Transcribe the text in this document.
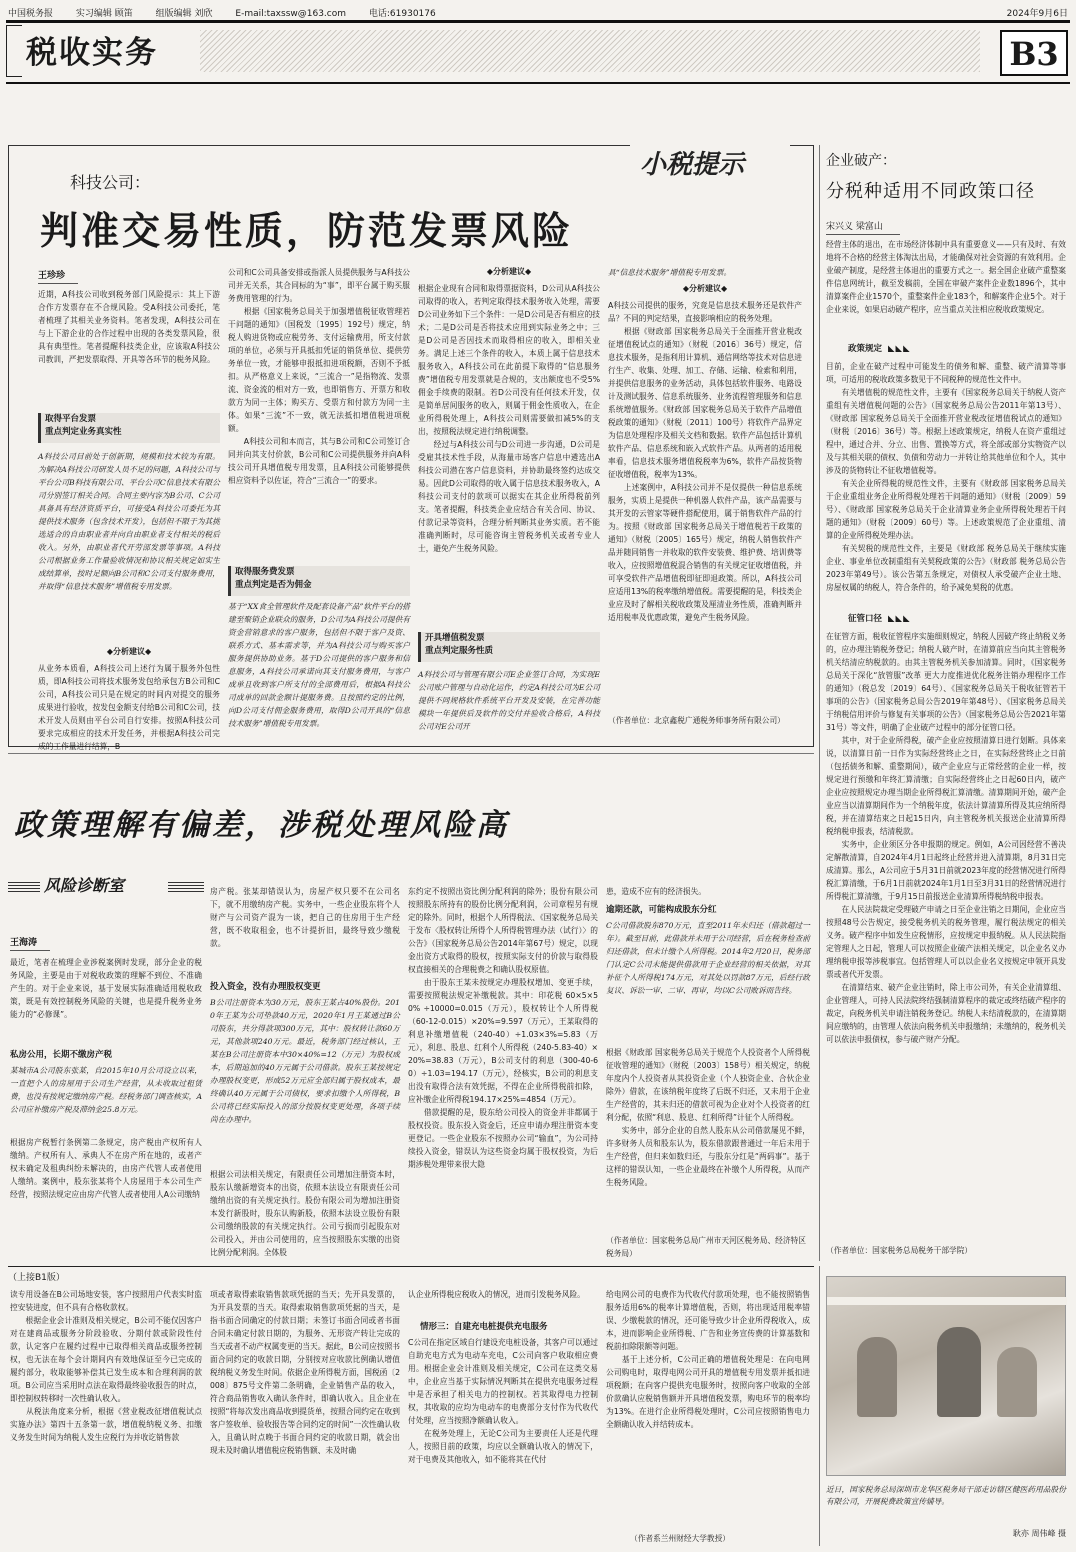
中国税务报	实习编辑 顾笛	组版编辑 刘欣	E-mail:taxssw@163.com	电话:61930176	2024年9月6日
税收实务	B3
小税提示
科技公司：
判准交易性质，防范发票风险
王珍珍
近期，A科技公司收到税务部门风险提示：其上下游合作方发票存在不合规风险。受A科技公司委托，笔者梳理了其相关业务资料。笔者发现，A科技公司在与上下游企业的合作过程中出现的各类发票风险，很具有典型性。笔者提醒科技类企业，应该取A科技公司教训，严把发票取得、开具等各环节的税务风险。
取得平台发票
重点判定业务真实性
A科技公司目前处于创新期，规模和技术较为有限。为解决A科技公司研发人员不足的问题，A科技公司与平台公司B科技有限公司、平台公司C信息技术有限公司分别签订相关合同。合同主要内容为B公司、C公司具备具有经济资质平台，可接受A科技公司委托为其提供技术服务（包含技术开发），包括但不限于为其挑选适合的自由职业者并向自由职业者支付相关的税后收入。另外，由职业者代开劳部发票等事项。A科技公司根据业务工作量验收情况和协议相关规定如实生成结算单，按时足额向B公司和C公司支付服务费用，并取得“信息技术服务”增值税专用发票。
◆分析建议◆
从业务本质看，A科技公司上述行为属于服务外包性质，即A科技公司将技术服务发包给承包方B公司和C公司，A科技公司只是在规定的时间内对提交的服务成果进行验收，按发包金额支付给B公司和C公司，技术开发人员则由平台公司自行安排。按照A科技公司要求完成相应的技术开发任务，并根据A科技公司完成的工作量进行结算，B
公司和C公司具备安排或指派人员提供服务与A科技公司并无关系，其合同标的为“事”，即平台属于购买服务费用管理的行为。
　　根据《国家税务总局关于加强增值税征收管理若干问题的通知》（国税发〔1995〕192号）规定，纳税人购进货物或应税劳务、支付运输费用，所支付款项的单位，必须与开具抵扣凭证的销货单位、提供劳务单位一致，才能够申报抵扣进项税额，否则不予抵扣。从严格意义上来说，“三流合一”是指物流、发票流、资金流的相对方一致，也即销售方、开票方和收款方为同一主体；购买方、受票方和付款方为同一主体。如果“三流”不一致，就无法抵扣增值税进项税额。
　　A科技公司和本而言，其与B公司和C公司签订合同并向其支付价款，B公司和C公司提供服务并向A科技公司开具增值税专用发票，且A科技公司能够提供相应资料予以佐证，符合“三流合一”的要求。
取得服务费发票
重点判定是否为佣金
基于“XX食全管理软件及配套设备产品”软件平台的搭建至聚销企业联众的服务，D公司为A科技公司提供有资金营销意求的客户服务，包括但不限于客户及资、联系方式、基本需求等，并为A科技公司与购买客户服务提供协助业务。基于D公司提供的客户服务和信息服务，A科技公司承诺向其支付服务费用，与客户成单且收到客户所支付的全部费用后，根据A科技公司成单的回款金额计提服务费。且按照约定的比例，向D公司支付佣金服务费用，取得D公司开具的“信息技术服务”增值税专用发票。
◆分析建议◆
根据企业现有合同和取得票据资料，D公司从A科技公司取得的收入，若判定取得技术服务收入处理，需要D公司业务如下三个条件：一是D公司是否有相应的技术；二是D公司是否将技术应用到实际业务之中；三是D公司是否因技术而取得相应的收入，即相关业务。满足上述三个条件的收入，本质上属于信息技术服务收入，A科技公司在此前提下取得的“信息服务费”增值税专用发票就是合规的，支出额度也不受5%佣金手续费的限制。若D公司没有任何技术开发，仅是简单居间服务的收入，则属于佣金性质收入，在企业所得税处理上，A科技公司则需要做扣减5%的支出，按照税法规定进行纳税调整。
　　经过与A科技公司与D公司进一步沟通，D公司是受雇其技术性手段，从海量市场客户信息中遴选出A科技公司潜在客户信息资料，并协助最终签约达成交易。因此D公司取得的收入属于信息技术服务收入，A科技公司支付的款项可以据实在其企业所得税前列支。笔者提醒，科技类企业应结合有关合同、协议、付款记录等资料，合理分析判断其业务实质。若不能准确判断时，尽可能咨询主管税务机关或者专业人士，避免产生税务风险。
开具增值税发票
重点判定服务性质
A科技公司与管理有限公司E企业签订合同，为实现E公司账户管理与自动化运作，约定A科技公司为E公司提供不同规格软件系统平台开发及安装，在完善功能模块一年提供后及软件的交付并验收合格后，A科技公司对E公司开
具“信息技术服务”增值税专用发票。
◆分析建议◆
A科技公司提供的服务，究竟是信息技术服务还是软件产品？不同的判定结果，直接影响相应的税务处理。
　　根据《财政部 国家税务总局关于全面推开营业税改征增值税试点的通知》（财税〔2016〕36号）规定，信息技术服务，是指利用计算机、通信网络等技术对信息进行生产、收集、处理、加工、存储、运输、检索和利用，并提供信息服务的业务活动，具体包括软件服务、电路设计及测试服务、信息系统服务、业务流程管理服务和信息系统增值服务。《财政部 国家税务总局关于软件产品增值税政策的通知》（财税〔2011〕100号）将软件产品界定为信息处理程序及相关文档和数据。软件产品包括计算机软件产品、信息系统和嵌入式软件产品。从两者的适用税率看，信息技术服务增值税税率为6%，软件产品按货物征收增值税，税率为13%。
　　上述案例中，A科技公司并不是仅提供一种信息系统服务，实质上是提供一种机器人软件产品，该产品需要与其开发的云管家等硬件搭配使用，属于销售软件产品的行为。按照《财政部 国家税务总局关于增值税若干政策的通知》（财税〔2005〕165号）规定，纳税人销售软件产品并随同销售一并收取的软件安装费、维护费、培训费等收入，应按照增值税混合销售的有关规定征收增值税，并可享受软件产品增值税即征即退政策。所以，A科技公司应适用13%的税率缴纳增值税。需要提醒的是，科技类企业应及时了解相关税收政策及厘清业务性质，准确判断并适用税率及优惠政策，避免产生税务风险。
（作者单位：北京鑫税广通税务师事务所有限公司）
政策理解有偏差，涉税处理风险高
风险诊断室
王海涛
最近，笔者在梳理企业涉税案例时发现，部分企业的税务风险，主要是由于对税收政策的理解不到位、不准确产生的。对于企业来说，基于发展实际准确适用税收政策，既是有效控制税务风险的关键，也是提升税务业务能力的“必修课”。
私房公用，长期不缴房产税
某城市A公司股东张某，自2015年10月公司设立以来，一直把个人的房屋用于公司生产经营，从未收取过租赁费，也没有按规定缴纳房产税。经税务部门调查核实，A公司应补缴房产税及滞纳金25.8万元。
根据房产税暂行条例第二条规定，房产税由产权所有人缴纳。产权所有人、承典人不在房产所在地的，或者产权未确定及租典纠纷未解决的，由房产代管人或者使用人缴纳。案例中，股东张某将个人房屋用于本公司生产经营，按照法规定应由房产代管人或者使用人A公司缴纳
房产税。张某却错误认为，房屋产权只要不在公司名下，就不用缴纳房产税。实务中，一些企业股东将个人财产与公司资产混为一谈，把自己的住房用于生产经营，既不收取租金，也不计提折旧，最终导致少缴税款。
投入资金，没有办理股权变更
B公司注册资本为30万元，股东王某占40%股份。2010年王某为公司垫款40万元，2020年1月王某通过B公司股东，共分得款项300万元，其中：股权转让款60万元，其他款项240万元。最近，税务部门经过核认，王某在B公司注册资本中30×40%=12（万元）为股权成本，后期追加的40万元属于公司借款。股东王某按规定办理股权变更，形成52万元应全部归属于股权成本，最终确认40万元属于公司债权，要求扣缴个人所得税，B公司将已经实际投入的部分按股权变更处理，各项手续尚在办理中。
根据公司法相关规定，有限责任公司增加注册资本时，股东认缴新增资本的出资，依照本法设立有限责任公司缴纳出资的有关规定执行。股份有限公司为增加注册资本发行新股时，股东认购新股，依照本法设立股份有限公司缴纳股款的有关规定执行。公司亏损而引起股东对公司投入，并由公司使用的，应当按照股东实缴的出资比例分配利润。全体股
东约定不按照出资比例分配利润的除外；股份有限公司按照股东所持有的股份比例分配利润，公司章程另有规定的除外。同时，根据个人所得税法、《国家税务总局关于发布〈股权转让所得个人所得税管理办法（试行）〉的公告》（国家税务总局公告2014年第67号）规定，以现金出资方式取得的股权，按照实际支付的价款与取得股权直接相关的合理税费之和确认股权原值。
　　由于股东王某未按规定办理股权增加、变更手续，需要按照税法规定补缴税款。其中：印花税 60×5×50% ÷10000=0.015（万元），股权转让个人所得税（60-12-0.015）×20%=9.597（万元），王某取得的利息补缴增值税（240-40）÷1.03×3%=5.83（万元），利息、股息、红利个人所得税（240-5.83-40）×20%=38.83（万元），B公司支付的利息（300-40-60）÷1.03=194.17（万元），经核实，B公司的利息支出没有取得合法有效凭据，不得在企业所得税前扣除，应补缴企业所得税194.17×25%=4854（万元）。
　　借款提醒的是，股东给公司投入的资金并非都属于股权投资。股东投入资金后，还应申请办理注册资本变更登记。一些企业股东不按照办公司“输血”，为公司持续投入资金，错误认为这些资金均属于股权投资，为后期涉税处理带来很大隐
患，造成不应有的经济损失。
逾期还款，可能构成股东分红
C公司借款股东870万元，直至2011年未归还（借款超过一年）。截至目前，此借款并未用于公司经营，后在税务检查前归还借款，但未计缴个人所得税。2014年2月20日，税务部门认定C公司未能提供借款用于企业经营的相关依据，对其补征个人所得税174万元，对其处以罚款87万元，后经行政复议、诉讼一审、二审、再审，均以C公司败诉而告终。
根据《财政部 国家税务总局关于规范个人投资者个人所得税征收管理的通知》（财税〔2003〕158号）相关规定，纳税年度内个人投资者从其投资企业（个人独资企业、合伙企业除外）借款，在该纳税年度终了后既不归还，又未用于企业生产经营的，其未归还的借款可视为企业对个人投资者的红利分配，依照“利息、股息、红利所得”计征个人所得税。
　　实务中，部分企业的自然人股东从公司借款屡见不鲜，许多财务人员和股东认为，股东借款跟普通过一年后未用于生产经营，但归来如数归还，与股东分红是“两码事”。基于这样的错误认知，一些企业最终在补缴个人所得税，从而产生税务风险。
（作者单位：国家税务总局广州市天河区税务局、经济特区税务局）
企业破产：
分税种适用不同政策口径
宋兴义 梁富山
经营主体的退出，在市场经济体制中具有重要意义——只有及时、有效地将不合格的经营主体淘汰出局，才能确保对社会资源的有效利用。企业破产制度，是经营主体退出的重要方式之一。据全国企业破产重整案件信息网统计，截至发稿前，全国在审破产案件企业数1896个，其中清算案件企业1570个，重整案件企业183个，和解案件企业5个。对于企业来说，如果启动破产程序，应当重点关注相应税收政策规定。
政策规定 ◣◣◣
目前，企业在破产过程中可能发生的债务和解、重整、破产清算等事项，可适用的税收政策多数见于不同税种的规范性文件中。
　　有关增值税的规范性文件，主要有《国家税务总局关于纳税人资产重组有关增值税问题的公告》（国家税务总局公告2011年第13号）、《财政部 国家税务总局关于全面推开营业税改征增值税试点的通知》（财税〔2016〕36号）等。根据上述政策规定，纳税人在资产重组过程中，通过合并、分立、出售、置换等方式，将全部或部分实物资产以及与其相关联的债权、负债和劳动力一并转让给其他单位和个人，其中涉及的货物转让不征收增值税等。
　　有关企业所得税的规范性文件，主要有《财政部 国家税务总局关于企业重组业务企业所得税处理若干问题的通知》（财税〔2009〕59号）、《财政部 国家税务总局关于企业清算业务企业所得税处理若干问题的通知》（财税〔2009〕60号）等。上述政策规范了企业重组、清算的企业所得税处理办法。
　　有关契税的规范性文件，主要是《财政部 税务总局关于继续实施企业、事业单位改制重组有关契税政策的公告》（财政部 税务总局公告2023年第49号）。该公告第五条规定，对债权人承受破产企业土地、房屋权属的纳税人，符合条件的，给予减免契税的优惠。
征管口径 ◣◣◣
在征管方面，税收征管程序实施细则规定，纳税人因破产终止纳税义务的，应办理注销税务登记；纳税人破产时，在清算前应当向其主管税务机关结清应纳税款的。由其主管税务机关参加清算。同时，《国家税务总局关于深化“放管服”改革 更大力度推进优化税务注销办理程序工作的通知》（税总发〔2019〕64号）、《国家税务总局关于税收征管若干事项的公告》（国家税务总局公告2019年第48号）、《国家税务总局关于纳税信用评价与修复有关事项的公告》（国家税务总局公告2021年第31号）等文件，明确了企业破产过程中的部分征管口径。
　　其中，对于企业所得税，破产企业应按照清算日进行划断。具体来说，以清算日前一日作为实际经营终止之日，在实际经营终止之日前（包括债务和解、重整期间），破产企业应与正常经营的企业一样，按规定进行预缴和年终汇算清缴；自实际经营终止之日起60日内，破产企业应按照规定办理当期企业所得税汇算清缴。清算期间开始，破产企业应当以清算期间作为一个纳税年度，依法计算清算所得及其应纳所得税，并在清算结束之日起15日内，向主管税务机关报送企业清算所得税纳税申报表，结清税款。
　　实务中，企业须区分各申报期的规定。例如，A公司因经营不善决定解散清算，自2024年4月1日起终止经营并进入清算期，8月31日完成清算。那么，A公司应于5月31日前就2023年度的经营情况进行所得税汇算清缴，于6月1日前就2024年1月1日至3月31日的经营情况进行所得税汇算清缴，于9月15日前报送企业清算所得税纳税申报表。
　　在人民法院裁定受理破产申请之日至企业注销之日期间，企业应当按照48号公告规定，接受税务机关的税务管理，履行税法规定的相关义务。破产程序中如发生应税情形，应按规定申报纳税。从人民法院指定管理人之日起，管理人可以按照企业破产法相关规定，以企业名义办理纳税申报等涉税事宜。包括管理人可以以企业名义按规定申领开具发票或者代开发票。
　　在清算结束、破产企业注销时，除上市公司外，有关企业清算组、企业管理人，可持人民法院终结强制清算程序的裁定或终结破产程序的裁定，向税务机关申请注销税务登记。纳税人未结清税款的，在清算期间应缴纳的，由管理人依法向税务机关申报缴纳；未缴纳的，税务机关可以依法申报债权，参与破产财产分配。
（作者单位：国家税务总局税务干部学院）
（上接B1版）
读专用设备在B公司场地安装，客户按照用户代表实时监控安装进度，但不具有合格收款权。
　　根据企业会计准则及相关规定，B公司不能仅因客户对在建商品或服务分阶段验收、分期付款或阶段性付款，认定客户在履约过程中已取得相关商品或服务控制权，也无法在每个会计期间内有效地保证至今已完成的履约部分，收取能够补偿其已发生成本和合理利润的款项。B公司应当采用时点法在取得最终验收报告的时点，即控制权转移时一次性确认收入。
　　从税法角度来分析，根据《营业税改征增值税试点实施办法》第四十五条第一款，增值税纳税义务、扣缴义务发生时间为纳税人发生应税行为并收讫销售款
项或者取得索取销售款项凭据的当天；先开具发票的，为开具发票的当天。取得索取销售款项凭据的当天，是指书面合同确定的付款日期；未签订书面合同或者书面合同未确定付款日期的，为服务、无形资产转让完成的当天或者不动产权属变更的当天。据此，B公司应按照书面合同约定的收款日期，分别按对应收款比例确认增值税纳税义务发生时间。依据企业所得税方面，国税函〔2008〕875号文件第二条明确，企业销售产品的收入，符合商品销售收入确认条件时，即确认收入。且企业在按照“将每次发出商品收到提货单，按照合同约定在收到客户签收单、验收报告等合同约定的时间”一次性确认收入，且确认时点晚于书面合同约定的收款日期，就会出现未及时确认增值税应税销售额、未及时确
认企业所得税应税收入的情况，进而引发税务风险。
情形三：自建充电桩提供充电服务
C公司在指定区域自行建设充电桩设备，其客户可以通过自助充电方式为电动车充电，C公司向客户收取相应费用。根据企业会计准则及相关规定，C公司在这类交易中，企业应当基于实际情况判断其在提供充电服务过程中是否承担了相关电力的控制权。若其取得电力控制权，其收取的应均为电动车的电费部分支付作为代收代付处理，应当按照净额确认收入。
　　在税务处理上，无论C公司为主要责任人还是代理人，按照目前的政策，均应以全额确认收入的情况下，对于电费及其他收入，如不能将其在代付
给电网公司的电费作为代收代付款项处理，也不能按照销售服务适用6%的税率计算增值税，否则，将出现适用税率错误、少缴税款的情况，还可能导致少计企业所得税收入，成本，进而影响企业所得税、广告和业务宣传费的计算基数和税前扣除限额等问题。
　　基于上述分析，C公司正确的增值税处理是：在向电网公司购电时，取得电网公司开具的增值税专用发票并抵扣进项税额；在向客户提供充电服务时，按照向客户收取的全部价款确认应税销售额并开具增值税发票，购电环节的税率均为13%。在进行企业所得税处理时，C公司应按照销售电力全额确认收入并结转成本。
（作者系兰州财经大学教授）
近日，国家税务总局深圳市龙华区税务局干部走访辖区健医药用品股份有限公司，开展税费政策宣传辅导。
耿亦 周伟峰 摄
